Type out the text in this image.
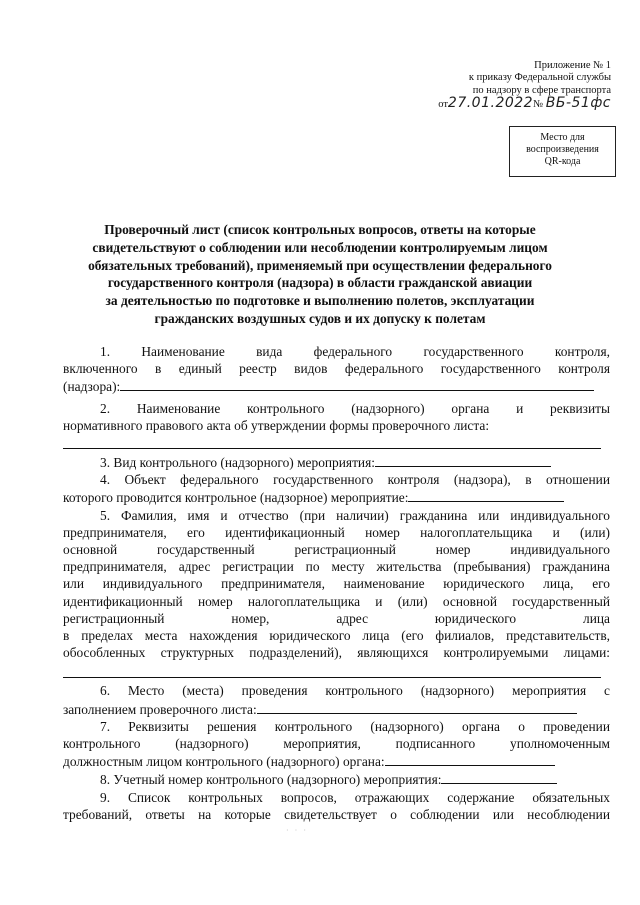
Приложение № 1
к приказу Федеральной службы
по надзору в сфере транспорта
от27.01.2022№ ВБ-51фс
Место для
воспроизведения
QR-кода
Проверочный лист (список контрольных вопросов, ответы на которые
свидетельствуют о соблюдении или несоблюдении контролируемым лицом
обязательных требований), применяемый при осуществлении федерального
государственного контроля (надзора) в области гражданской авиации
за деятельностью по подготовке и выполнению полетов, эксплуатации
гражданских воздушных судов и их допуску к полетам

1. Наименование вида федерального государственного контроля,

включенного в единый реестр видов федерального государственного контроля

(надзора):

2. Наименование контрольного (надзорного) органа и реквизиты

нормативного правового акта об утверждении формы проверочного листа:

3. Вид контрольного (надзорного) мероприятия:

4. Объект федерального государственного контроля (надзора), в отношении

которого проводится контрольное (надзорное) мероприятие:

5. Фамилия, имя и отчество (при наличии) гражданина или индивидуального

предпринимателя, его идентификационный номер налогоплательщика и (или)

основной государственный регистрационный номер индивидуального

предпринимателя, адрес регистрации по месту жительства (пребывания) гражданина

или индивидуального предпринимателя, наименование юридического лица, его

идентификационный номер налогоплательщика и (или) основной государственный

регистрационный номер, адрес юридического лица

в пределах места нахождения юридического лица (его филиалов, представительств,

обособленных структурных подразделений), являющихся контролируемыми лицами:

6. Место (места) проведения контрольного (надзорного) мероприятия с

заполнением проверочного листа:

7. Реквизиты решения контрольного (надзорного) органа о проведении

контрольного (надзорного) мероприятия, подписанного уполномоченным

должностным лицом контрольного (надзорного) органа:

8. Учетный номер контрольного (надзорного) мероприятия:

9. Список контрольных вопросов, отражающих содержание обязательных

требований, ответы на которые свидетельствует о соблюдении или несоблюдении

· · ·
